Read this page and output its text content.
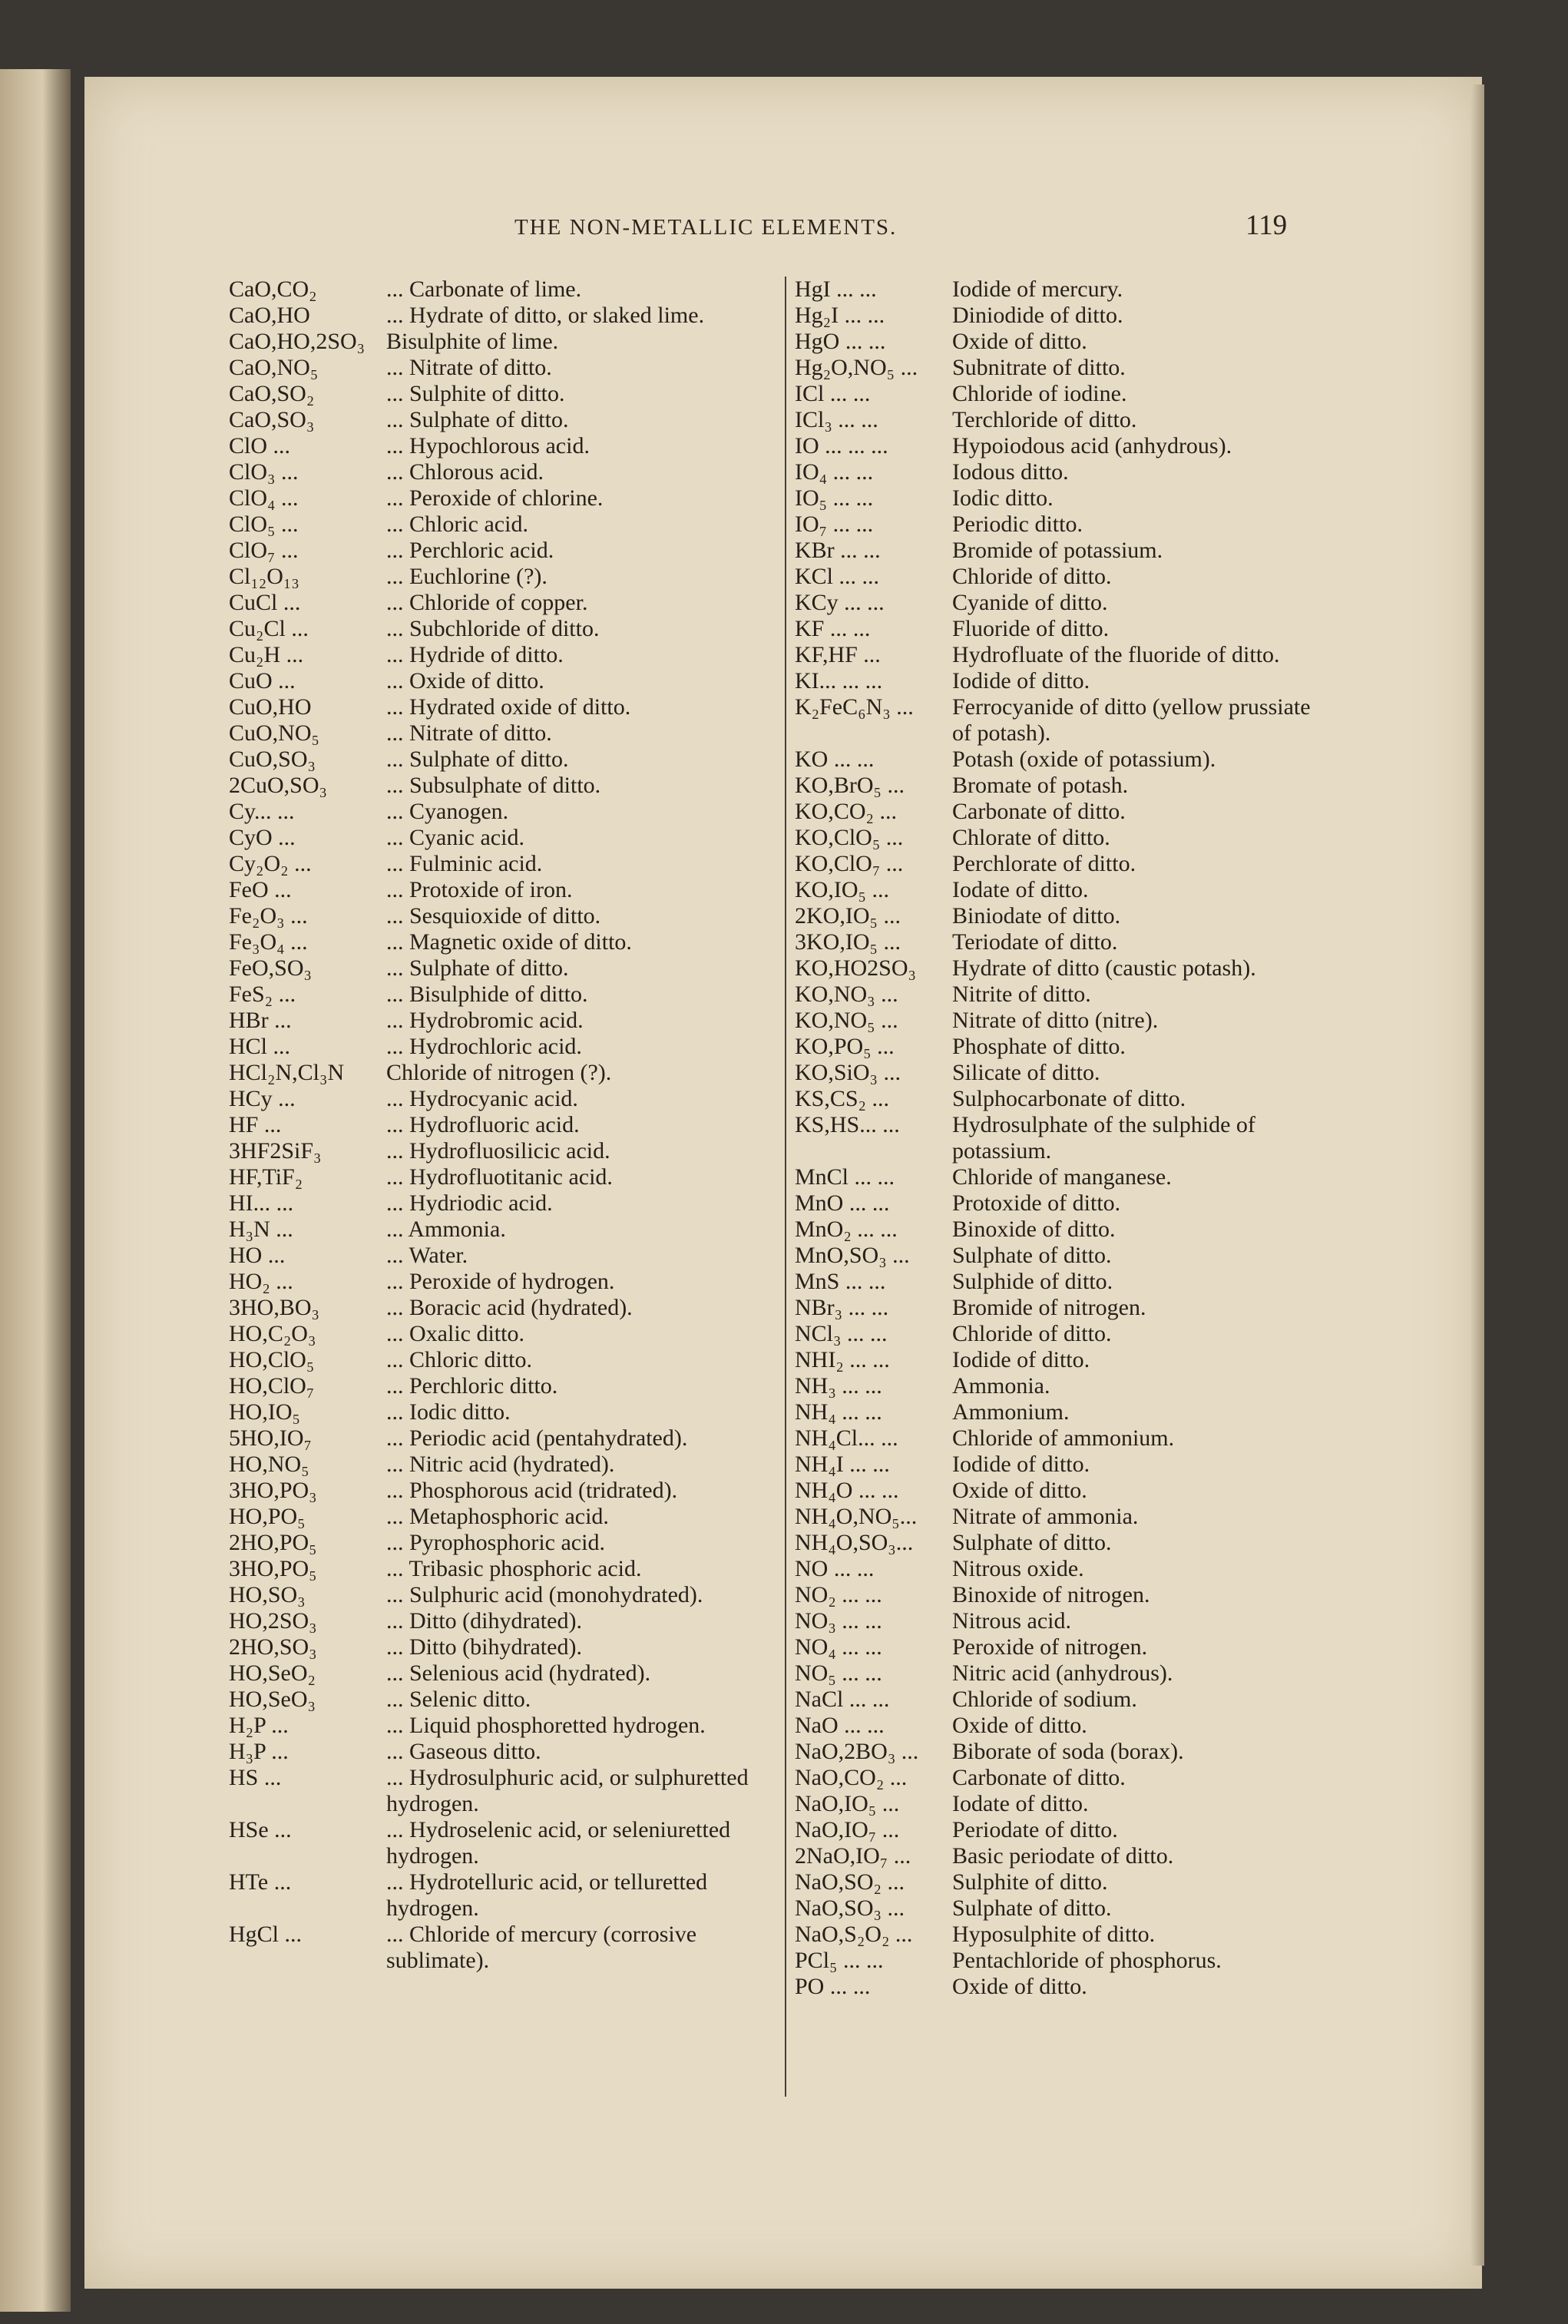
THE NON-METALLIC ELEMENTS.	119
CaO,CO₂	... Carbonate of lime.
CaO,HO	... Hydrate of ditto, or slaked lime.
CaO,HO,2SO₃ Bisulphite of lime.
CaO,NO₅	... Nitrate of ditto.
CaO,SO₂	... Sulphite of ditto.
CaO,SO₃	... Sulphate of ditto.
ClO ...	... Hypochlorous acid.
ClO₃ ...	... Chlorous acid.
ClO₄ ...	... Peroxide of chlorine.
ClO₅ ...	... Chloric acid.
ClO₇ ...	... Perchloric acid.
Cl₁₂O₁₃	... Euchlorine (?).
CuCl ...	... Chloride of copper.
Cu₂Cl ...	... Subchloride of ditto.
Cu₂H ...	... Hydride of ditto.
CuO ...	... Oxide of ditto.
CuO,HO	... Hydrated oxide of ditto.
CuO,NO₅	... Nitrate of ditto.
CuO,SO₃	... Sulphate of ditto.
2CuO,SO₃	... Subsulphate of ditto.
Cy... ...	... Cyanogen.
CyO ...	... Cyanic acid.
Cy₂O₂ ...	... Fulminic acid.
FeO ...	... Protoxide of iron.
Fe₂O₃ ...	... Sesquioxide of ditto.
Fe₃O₄ ...	... Magnetic oxide of ditto.
FeO,SO₃	... Sulphate of ditto.
FeS₂ ...	... Bisulphide of ditto.
HBr ...	... Hydrobromic acid.
HCl ...	... Hydrochloric acid.
HCl₂N,Cl₃N	Chloride of nitrogen (?).
HCy ...	... Hydrocyanic acid.
HF ...	... Hydrofluoric acid.
3HF2SiF₃	... Hydrofluosilicic acid.
HF,TiF₂	... Hydrofluotitanic acid.
HI... ...	... Hydriodic acid.
H₃N ...	... Ammonia.
HO ...	... Water.
HO₂ ...	... Peroxide of hydrogen.
3HO,BO₃	... Boracic acid (hydrated).
HO,C₂O₃	... Oxalic ditto.
HO,ClO₅	... Chloric ditto.
HO,ClO₇	... Perchloric ditto.
HO,IO₅	... Iodic ditto.
5HO,IO₇	... Periodic acid (pentahydrated).
HO,NO₅	... Nitric acid (hydrated).
3HO,PO₃	... Phosphorous acid (tridrated).
HO,PO₅	... Metaphosphoric acid.
2HO,PO₅	... Pyrophosphoric acid.
3HO,PO₅	... Tribasic phosphoric acid.
HO,SO₃	... Sulphuric acid (monohydrated).
HO,2SO₃	... Ditto (dihydrated).
2HO,SO₃	... Ditto (bihydrated).
HO,SeO₂	... Selenious acid (hydrated).
HO,SeO₃	... Selenic ditto.
H₂P ...	... Liquid phosphoretted hydrogen.
H₃P ...	... Gaseous ditto.
HS ...	... Hydrosulphuric acid, or sulphuretted hydrogen.
HSe ...	... Hydroselenic acid, or seleniuretted hydrogen.
HTe ...	... Hydrotelluric acid, or telluretted hydrogen.
HgCl ...	... Chloride of mercury (corrosive sublimate).
HgI ... ...	Iodide of mercury.
Hg₂I ... ...	Diniodide of ditto.
HgO ... ...	Oxide of ditto.
Hg₂O,NO₅ ...	Subnitrate of ditto.
ICl ... ...	Chloride of iodine.
ICl₃ ... ...	Terchloride of ditto.
IO ... ... ...	Hypoiodous acid (anhydrous).
IO₄ ... ...	Iodous ditto.
IO₅ ... ...	Iodic ditto.
IO₇ ... ...	Periodic ditto.
KBr ... ...	Bromide of potassium.
KCl ... ...	Chloride of ditto.
KCy ... ...	Cyanide of ditto.
KF ... ...	Fluoride of ditto.
KF,HF ...	Hydrofluate of the fluoride of ditto.
KI... ... ...	Iodide of ditto.
K₂FeC₆N₃ ...	Ferrocyanide of ditto (yellow prussiate of potash).
KO ... ...	Potash (oxide of potassium).
KO,BrO₅ ...	Bromate of potash.
KO,CO₂ ...	Carbonate of ditto.
KO,ClO₅ ...	Chlorate of ditto.
KO,ClO₇ ...	Perchlorate of ditto.
KO,IO₅ ...	Iodate of ditto.
2KO,IO₅ ...	Biniodate of ditto.
3KO,IO₅ ...	Teriodate of ditto.
KO,HO2SO₃	Hydrate of ditto (caustic potash).
KO,NO₃ ...	Nitrite of ditto.
KO,NO₅ ...	Nitrate of ditto (nitre).
KO,PO₅ ...	Phosphate of ditto.
KO,SiO₃ ...	Silicate of ditto.
KS,CS₂ ...	Sulphocarbonate of ditto.
KS,HS... ...	Hydrosulphate of the sulphide of potassium.
MnCl ... ...	Chloride of manganese.
MnO ... ...	Protoxide of ditto.
MnO₂ ... ...	Binoxide of ditto.
MnO,SO₃ ...	Sulphate of ditto.
MnS ... ...	Sulphide of ditto.
NBr₃ ... ...	Bromide of nitrogen.
NCl₃ ... ...	Chloride of ditto.
NHI₂ ... ...	Iodide of ditto.
NH₃ ... ...	Ammonia.
NH₄ ... ...	Ammonium.
NH₄Cl... ...	Chloride of ammonium.
NH₄I ... ...	Iodide of ditto.
NH₄O ... ...	Oxide of ditto.
NH₄O,NO₅...	Nitrate of ammonia.
NH₄O,SO₃...	Sulphate of ditto.
NO ... ...	Nitrous oxide.
NO₂ ... ...	Binoxide of nitrogen.
NO₃ ... ...	Nitrous acid.
NO₄ ... ...	Peroxide of nitrogen.
NO₅ ... ...	Nitric acid (anhydrous).
NaCl ... ...	Chloride of sodium.
NaO ... ...	Oxide of ditto.
NaO,2BO₃ ...	Biborate of soda (borax).
NaO,CO₂ ...	Carbonate of ditto.
NaO,IO₅ ...	Iodate of ditto.
NaO,IO₇ ...	Periodate of ditto.
2NaO,IO₇ ...	Basic periodate of ditto.
NaO,SO₂ ...	Sulphite of ditto.
NaO,SO₃ ...	Sulphate of ditto.
NaO,S₂O₂ ...	Hyposulphite of ditto.
PCl₅ ... ...	Pentachloride of phosphorus.
PO ... ...	Oxide of ditto.
